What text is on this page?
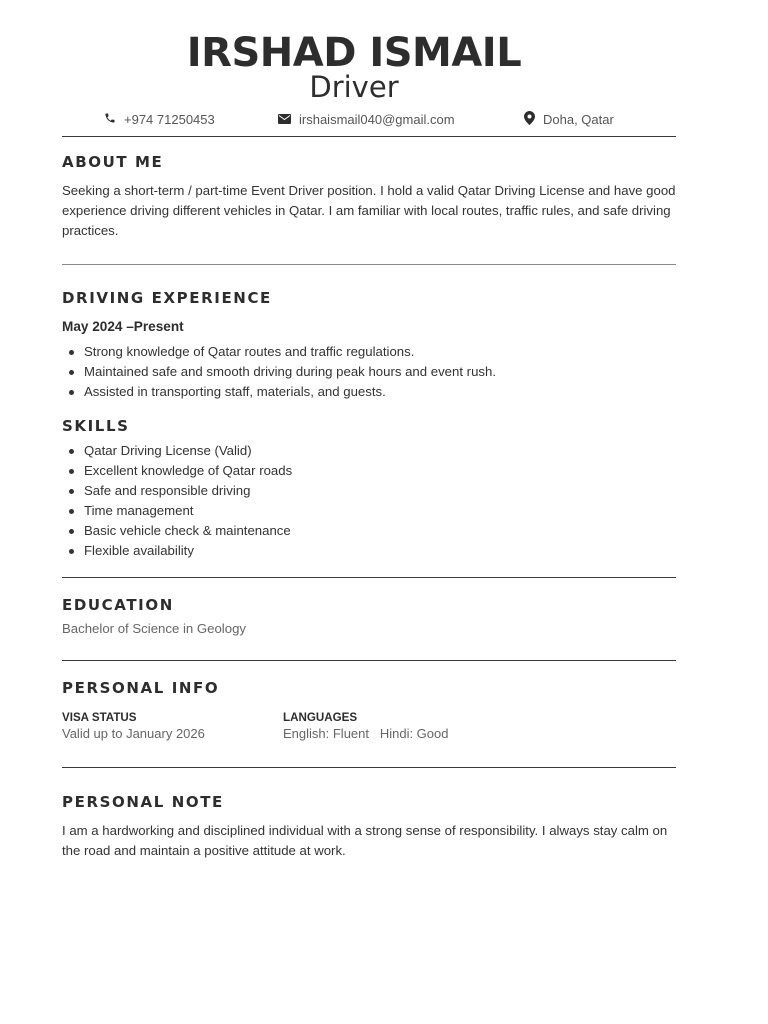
IRSHAD ISMAIL
Driver
+974 71250453	irshaismail040@gmail.com	Doha, Qatar
ABOUT ME
Seeking a short-term / part-time Event Driver position. I hold a valid Qatar Driving License and have good experience driving different vehicles in Qatar. I am familiar with local routes, traffic rules, and safe driving practices.
DRIVING EXPERIENCE
May 2024 –Present
Strong knowledge of Qatar routes and traffic regulations.
Maintained safe and smooth driving during peak hours and event rush.
Assisted in transporting staff, materials, and guests.
SKILLS
Qatar Driving License (Valid)
Excellent knowledge of Qatar roads
Safe and responsible driving
Time management
Basic vehicle check & maintenance
Flexible availability
EDUCATION
Bachelor of Science in Geology
PERSONAL INFO
VISA STATUS
Valid up to January 2026
LANGUAGES
English: Fluent   Hindi: Good
PERSONAL NOTE
I am a hardworking and disciplined individual with a strong sense of responsibility. I always stay calm on the road and maintain a positive attitude at work.
